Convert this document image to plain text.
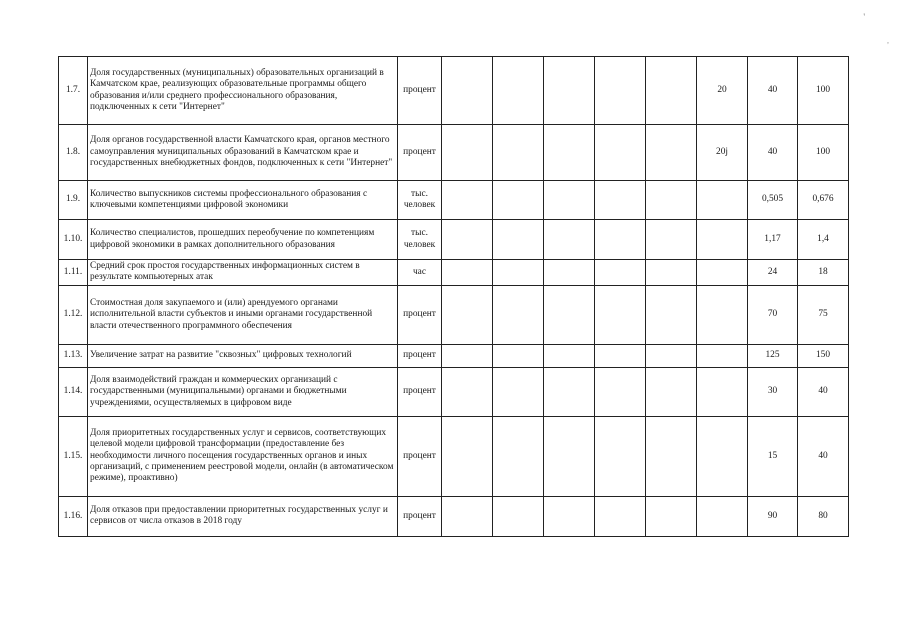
'
,
1.7.	Доля государственных (муниципальных) образовательных организаций в Камчатском крае, реализующих образовательные программы общего образования и/или среднего профессионального образования, подключенных к сети "Интернет"	процент						20	40	100
1.8.	Доля органов государственной власти Камчатского края, органов местного самоуправления муниципальных образований в Камчатском крае и государственных внебюджетных фондов, подключенных к сети "Интернет"	процент						20j	40	100
1.9.	Количество выпускников системы профессионального образования с ключевыми компетенциями цифровой экономики	тыс. человек							0,505	0,676
1.10.	Количество специалистов, прошедших переобучение по компетенциям цифровой экономики в рамках дополнительного образования	тыс. человек							1,17	1,4
1.11.	Средний срок простоя государственных информационных систем в результате компьютерных атак	час							24	18
1.12.	Стоимостная доля закупаемого и (или) арендуемого органами исполнительной власти субъектов и иными органами государственной власти отечественного программного обеспечения	процент							70	75
1.13.	Увеличение затрат на развитие "сквозных" цифровых технологий	процент							125	150
1.14.	Доля взаимодействий граждан и коммерческих организаций с государственными (муниципальными) органами и бюджетными учреждениями, осуществляемых в цифровом виде	процент							30	40
1.15.	Доля приоритетных государственных услуг и сервисов, соответствующих целевой модели цифровой трансформации (предоставление без необходимости личного посещения государственных органов и иных организаций, с применением реестровой модели, онлайн (в автоматическом режиме), проактивно)	процент							15	40
1.16.	Доля отказов при предоставлении приоритетных государственных услуг и сервисов от числа отказов в 2018 году	процент							90	80
